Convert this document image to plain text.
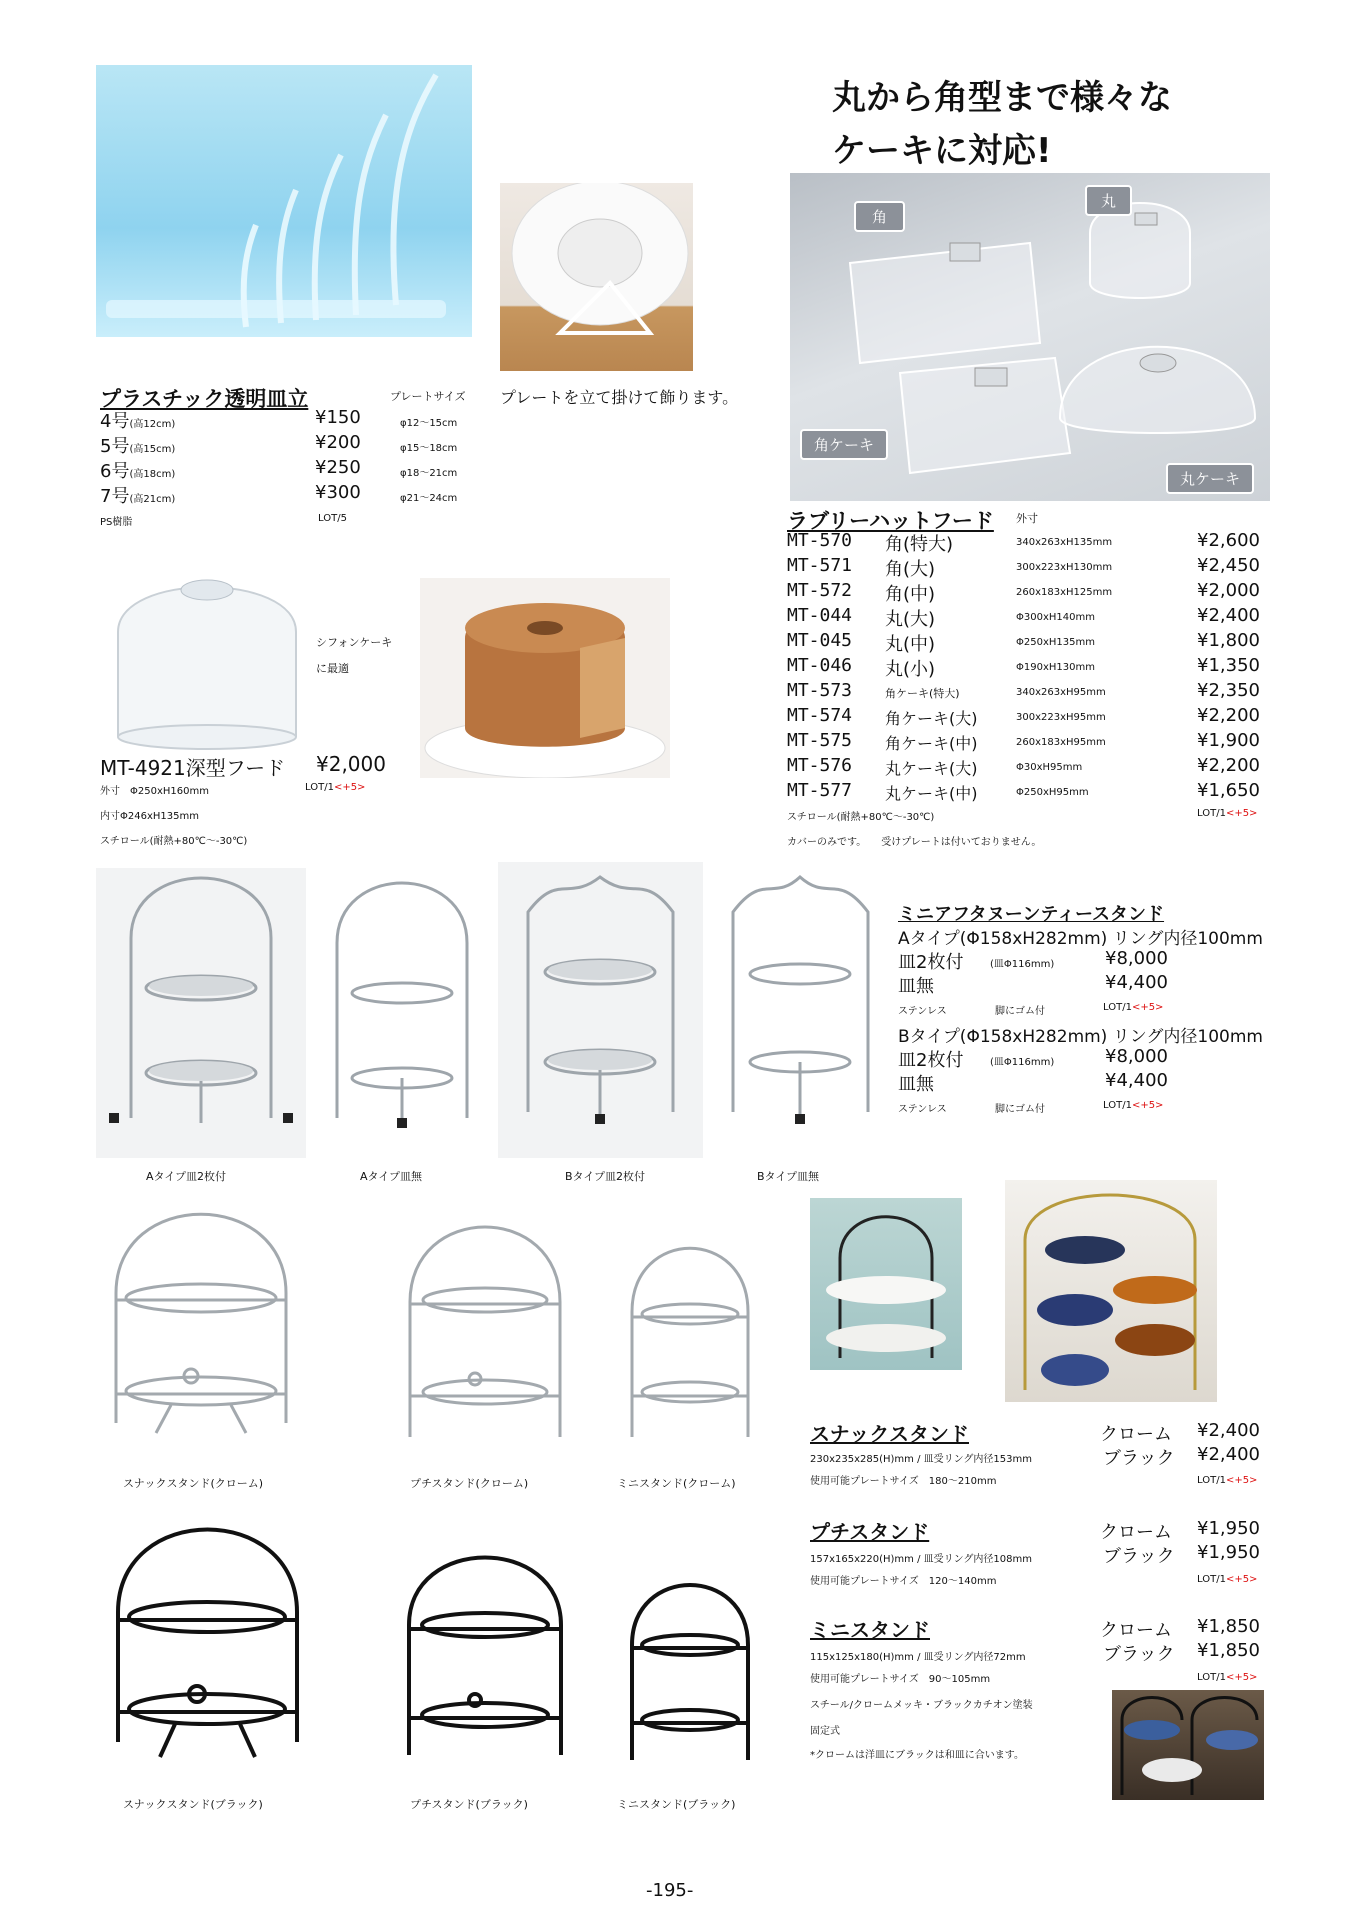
プラスチック透明皿立	プレートサイズ プレートを立て掛けて飾ります。
4号(高12cm)	¥150	φ12～15cm
5号(高15cm)	¥200	φ15～18cm
6号(高18cm)	¥250	φ18～21cm
7号(高21cm)	¥300	φ21～24cm
PS樹脂	LOT/5
シフォンケーキ
に最適
MT-4921深型フード ¥2,000
外寸　Φ250xH160mm	LOT/1<+5>
内寸Φ246xH135mm
スチロール(耐熱+80℃～-30℃)
丸から角型まで様々な
ケーキに対応!
角
丸
角ケーキ
丸ケーキ
ラブリーハットフード 外寸
MT-570 角(特大)	340x263xH135mm	¥2,600
MT-571 角(大)	300x223xH130mm	¥2,450
MT-572 角(中)	260x183xH125mm	¥2,000
MT-044 丸(大)	Φ300xH140mm	¥2,400
MT-045 丸(中)	Φ250xH135mm	¥1,800
MT-046 丸(小)	Φ190xH130mm	¥1,350
MT-573	角ケーキ(特大)	340x263xH95mm	¥2,350
MT-574 角ケーキ(大)	300x223xH95mm	¥2,200
MT-575 角ケーキ(中)	260x183xH95mm	¥1,900
MT-576 丸ケーキ(大)	Φ30xH95mm	¥2,200
MT-577 丸ケーキ(中)	Φ250xH95mm	¥1,650
スチロール(耐熱+80℃～-30℃)	LOT/1<+5>
カバーのみです。　　受けプレートは付いておりません。
Aタイプ皿2枚付	Aタイプ皿無	Bタイプ皿2枚付	Bタイプ皿無
ミニアフタヌーンティースタンド
Aタイプ(Φ158xH282mm) リング内径100mm
皿2枚付	(皿Φ116mm)	¥8,000
皿無	¥4,400
ステンレス	脚にゴム付	LOT/1<+5>
Bタイプ(Φ158xH282mm) リング内径100mm
皿2枚付	(皿Φ116mm)	¥8,000
皿無	¥4,400
ステンレス	脚にゴム付	LOT/1<+5>
スナックスタンド(クローム)	プチスタンド(クローム)	ミニスタンド(クローム)
スナックスタンド(ブラック)	プチスタンド(ブラック)	ミニスタンド(ブラック)
スナックスタンド	クローム ¥2,400
230x235x285(H)mm / 皿受リング内径153mm	ブラック ¥2,400
使用可能プレートサイズ　180～210mm	LOT/1<+5>
プチスタンド	クローム ¥1,950
157x165x220(H)mm / 皿受リング内径108mm	ブラック ¥1,950
使用可能プレートサイズ　120～140mm	LOT/1<+5>
ミニスタンド	クローム ¥1,850
115x125x180(H)mm / 皿受リング内径72mm	ブラック ¥1,850
使用可能プレートサイズ　90～105mm	LOT/1<+5>
スチール/クロームメッキ・ブラックカチオン塗装
固定式
*クロームは洋皿にブラックは和皿に合います。
-195-
